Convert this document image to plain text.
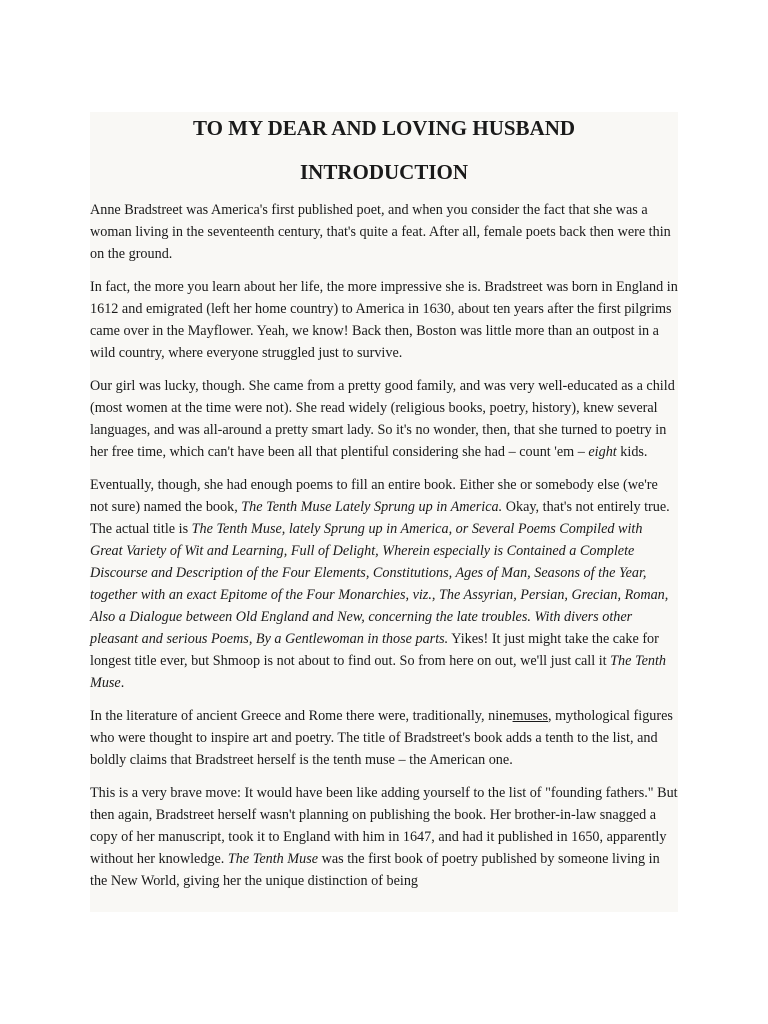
TO MY DEAR AND LOVING HUSBAND
INTRODUCTION

Anne Bradstreet was America's first published poet, and when you consider the fact that she was a woman living in the seventeenth century, that's quite a feat. After all, female poets back then were thin on the ground.

In fact, the more you learn about her life, the more impressive she is. Bradstreet was born in England in 1612 and emigrated (left her home country) to America in 1630, about ten years after the first pilgrims came over in the Mayflower. Yeah, we know! Back then, Boston was little more than an outpost in a wild country, where everyone struggled just to survive.

Our girl was lucky, though. She came from a pretty good family, and was very well-educated as a child (most women at the time were not). She read widely (religious books, poetry, history), knew several languages, and was all-around a pretty smart lady. So it's no wonder, then, that she turned to poetry in her free time, which can't have been all that plentiful considering she had – count 'em – eight kids.

Eventually, though, she had enough poems to fill an entire book. Either she or somebody else (we're not sure) named the book, The Tenth Muse Lately Sprung up in America. Okay, that's not entirely true. The actual title is The Tenth Muse, lately Sprung up in America, or Several Poems Compiled with Great Variety of Wit and Learning, Full of Delight, Wherein especially is Contained a Complete Discourse and Description of the Four Elements, Constitutions, Ages of Man, Seasons of the Year, together with an exact Epitome of the Four Monarchies, viz., The Assyrian, Persian, Grecian, Roman, Also a Dialogue between Old England and New, concerning the late troubles. With divers other pleasant and serious Poems, By a Gentlewoman in those parts. Yikes! It just might take the cake for longest title ever, but Shmoop is not about to find out. So from here on out, we'll just call it The Tenth Muse.

In the literature of ancient Greece and Rome there were, traditionally, ninemuses, mythological figures who were thought to inspire art and poetry. The title of Bradstreet's book adds a tenth to the list, and boldly claims that Bradstreet herself is the tenth muse – the American one.

This is a very brave move: It would have been like adding yourself to the list of "founding fathers." But then again, Bradstreet herself wasn't planning on publishing the book. Her brother-in-law snagged a copy of her manuscript, took it to England with him in 1647, and had it published in 1650, apparently without her knowledge. The Tenth Muse was the first book of poetry published by someone living in the New World, giving her the unique distinction of being
